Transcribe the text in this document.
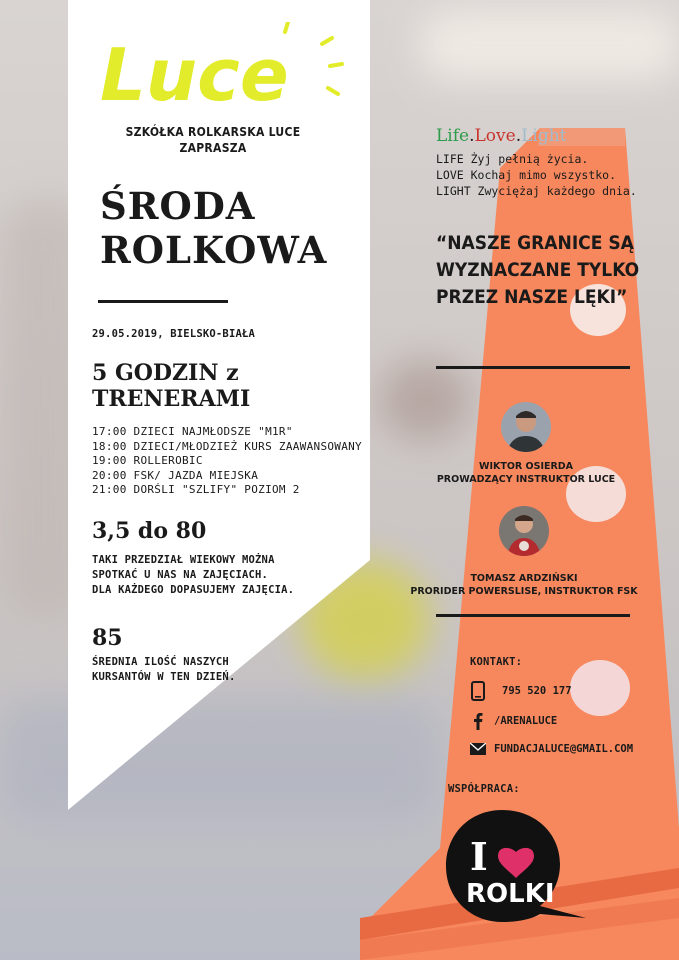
Luce
SZKÓŁKA ROLKARSKA LUCE
ZAPRASZA
ŚRODA
ROLKOWA
29.05.2019, BIELSKO-BIAŁA
5 GODZIN z
TRENERAMI
17:00 DZIECI NAJMŁODSZE "M1R"
18:00 DZIECI/MŁODZIEŻ KURS ZAAWANSOWANY
19:00 ROLLEROBIC
20:00 FSK/ JAZDA MIEJSKA
21:00 DORŚLI "SZLIFY" POZIOM 2
3,5 do 80
TAKI PRZEDZIAŁ WIEKOWY MOŻNA
SPOTKAĆ U NAS NA ZAJĘCIACH.
DLA KAŻDEGO DOPASUJEMY ZAJĘCIA.
85
ŚREDNIA ILOŚĆ NASZYCH
KURSANTÓW W TEN DZIEŃ.
Life.Love.Light
LIFE Żyj pełnią życia.
LOVE Kochaj mimo wszystko.
LIGHT Zwyciężaj każdego dnia.
“NASZE GRANICE SĄ
WYZNACZANE TYLKO
PRZEZ NASZE LĘKI”
WIKTOR OSIERDA
PROWADZĄCY INSTRUKTOR LUCE
TOMASZ ARDZIŃSKI
PRORIDER POWERSLISE, INSTRUKTOR FSK
KONTAKT:
795 520 177
/ARENALUCE
FUNDACJALUCE@GMAIL.COM
WSPÓŁPRACA:
I
ROLKI
